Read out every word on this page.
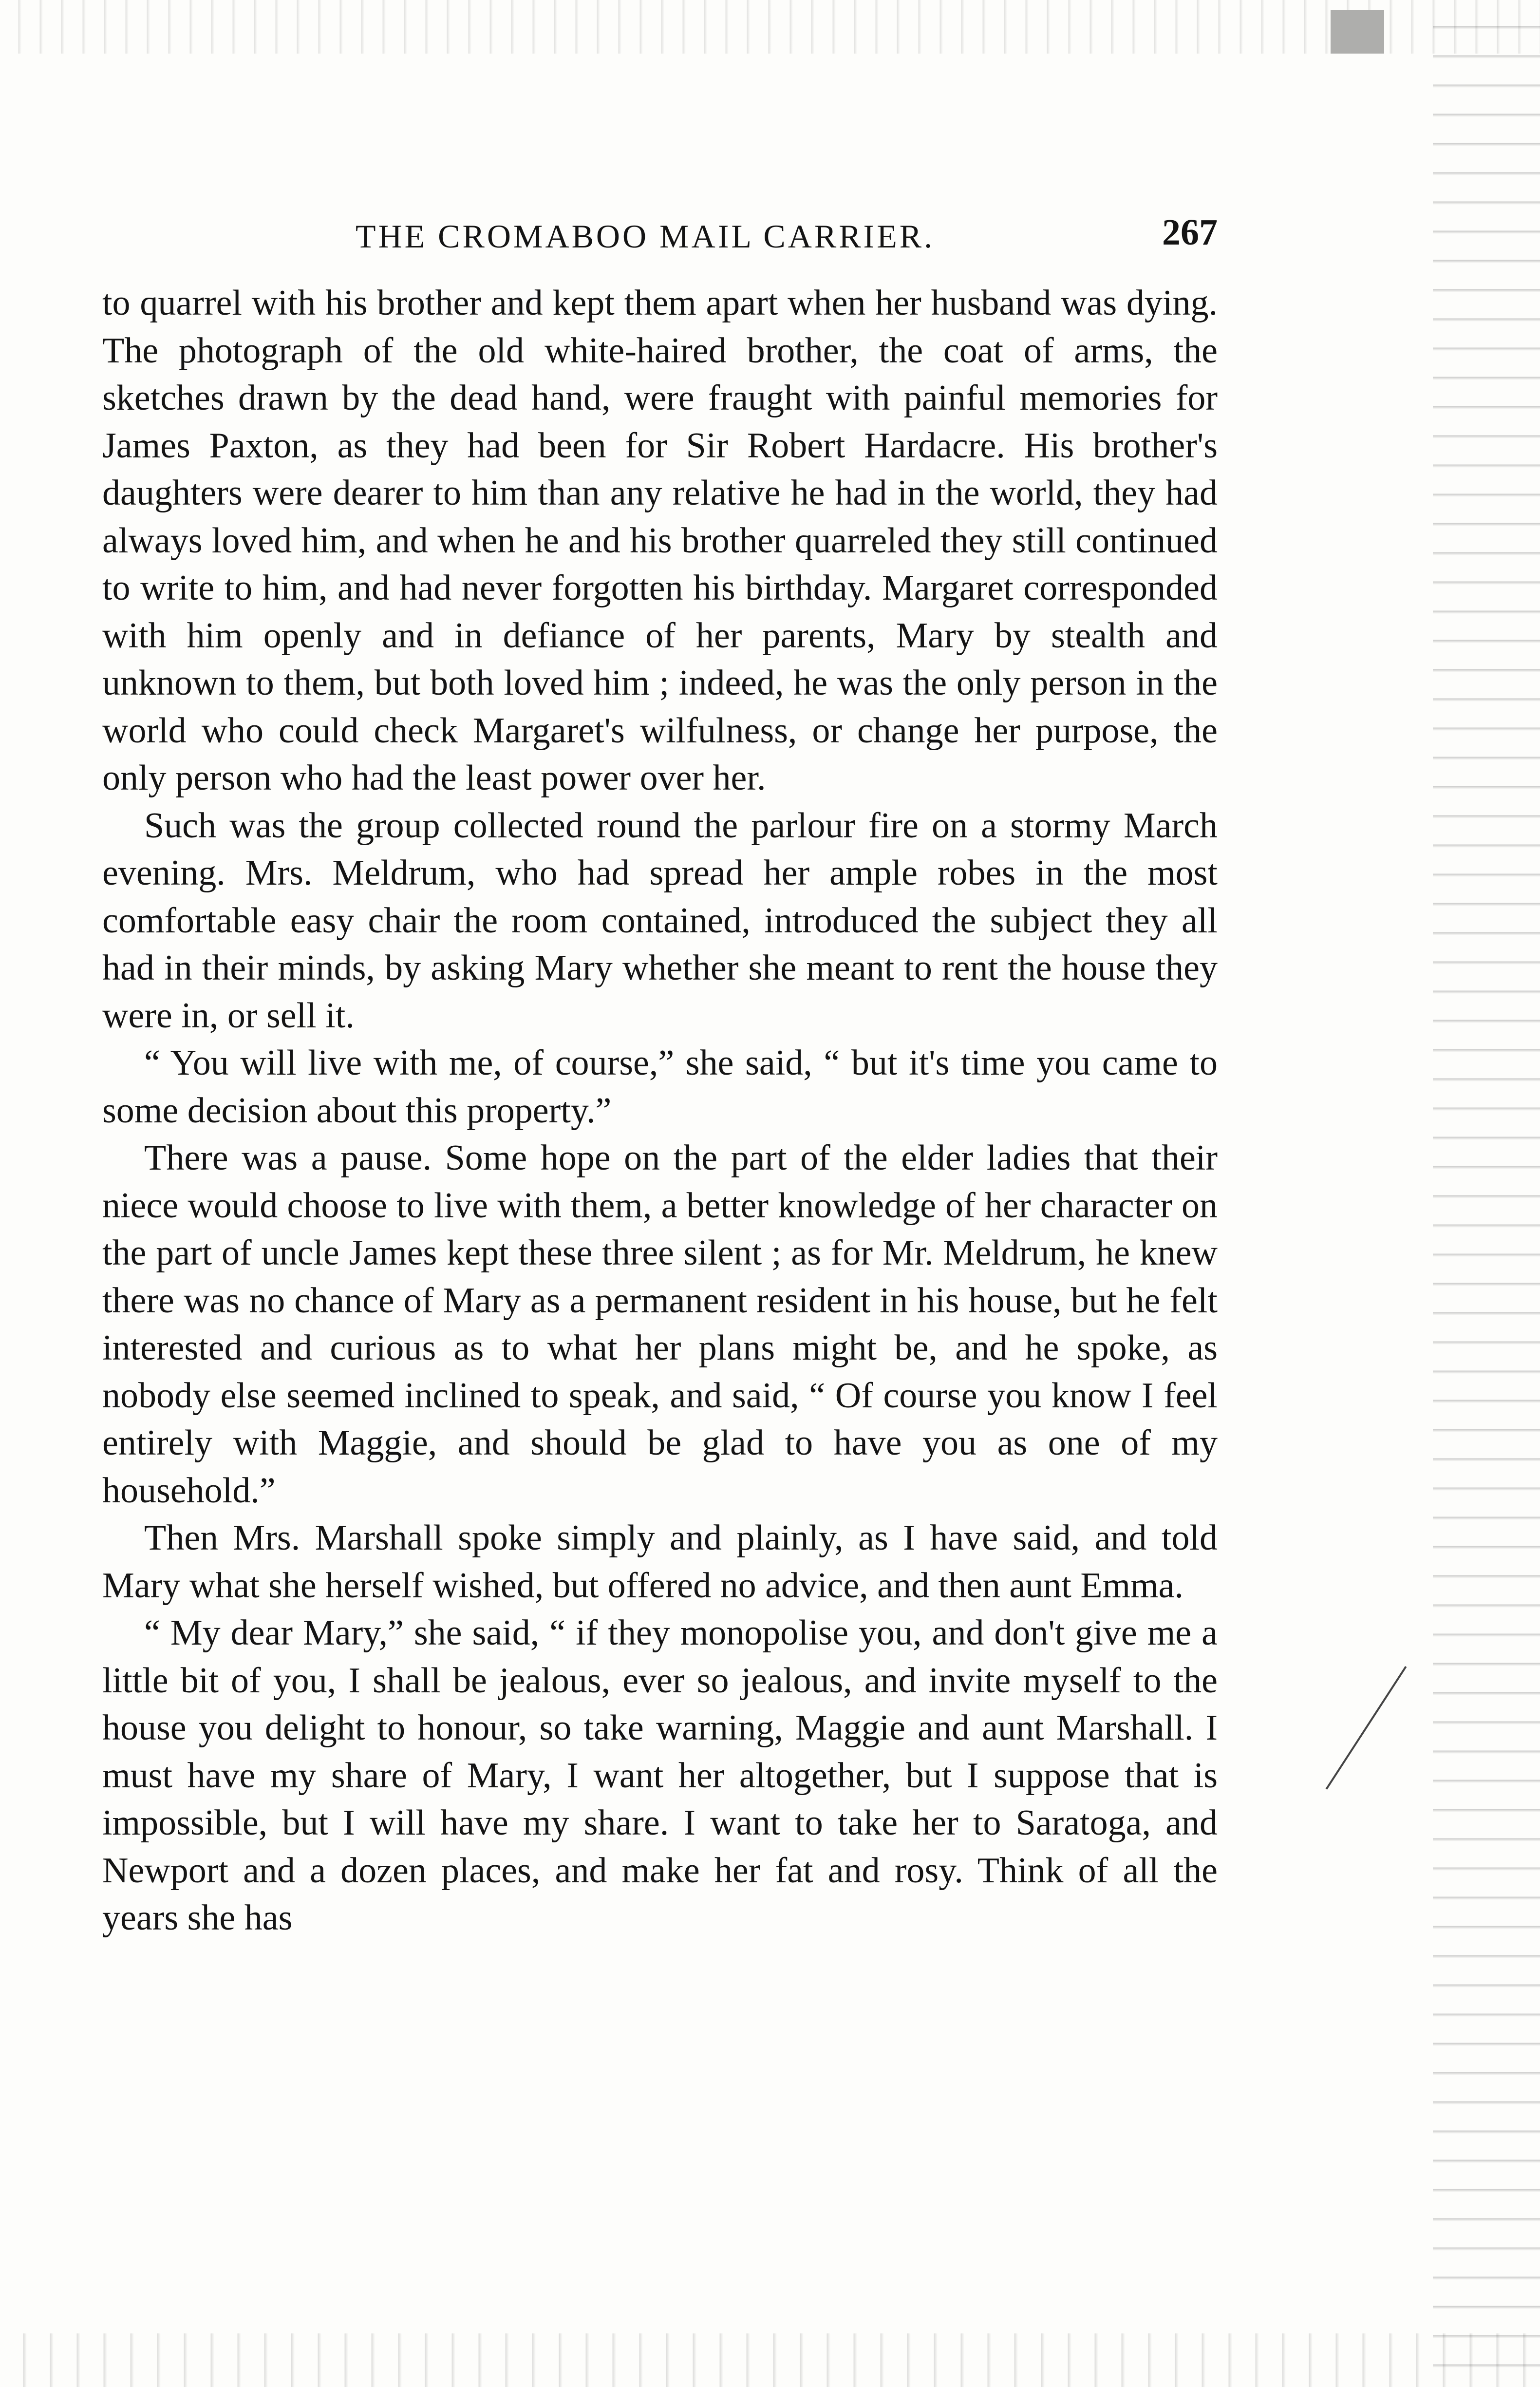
THE CROMABOO MAIL CARRIER.	267

to quarrel with his brother and kept them apart when her husband was dying. The photograph of the old white-haired brother, the coat of arms, the sketches drawn by the dead hand, were fraught with painful memories for James Paxton, as they had been for Sir Robert Hardacre. His brother's daughters were dearer to him than any relative he had in the world, they had always loved him, and when he and his brother quarreled they still continued to write to him, and had never forgotten his birthday. Margaret corresponded with him openly and in defiance of her parents, Mary by stealth and unknown to them, but both loved him ; indeed, he was the only person in the world who could check Margaret's wilfulness, or change her purpose, the only person who had the least power over her.

Such was the group collected round the parlour fire on a stormy March evening. Mrs. Meldrum, who had spread her ample robes in the most comfortable easy chair the room contained, introduced the subject they all had in their minds, by asking Mary whether she meant to rent the house they were in, or sell it.

“ You will live with me, of course,” she said, “ but it's time you came to some decision about this property.”

There was a pause. Some hope on the part of the elder ladies that their niece would choose to live with them, a better knowledge of her character on the part of uncle James kept these three silent ; as for Mr. Meldrum, he knew there was no chance of Mary as a permanent resident in his house, but he felt interested and curious as to what her plans might be, and he spoke, as nobody else seemed inclined to speak, and said, “ Of course you know I feel entirely with Maggie, and should be glad to have you as one of my household.”

Then Mrs. Marshall spoke simply and plainly, as I have said, and told Mary what she herself wished, but offered no advice, and then aunt Emma.

“ My dear Mary,” she said, “ if they monopolise you, and don't give me a little bit of you, I shall be jealous, ever so jealous, and invite myself to the house you delight to honour, so take warning, Maggie and aunt Marshall. I must have my share of Mary, I want her altogether, but I suppose that is impossible, but I will have my share. I want to take her to Saratoga, and Newport and a dozen places, and make her fat and rosy. Think of all the years she has
